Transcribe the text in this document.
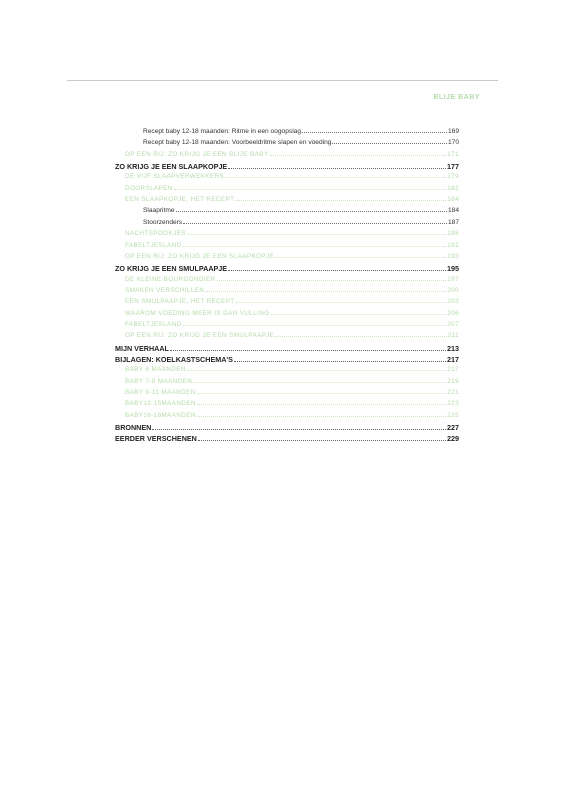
BLIJE BABY
Recept baby 12-18 maanden: Ritme in een oogopslag	169
Recept baby 12-18 maanden: Voorbeeldritme slapen en voeding	170
OP EEN RIJ: ZO KRIJG JE EEN BLIJE BABY	171
ZO KRIJG JE EEN SLAAPKOPJE	177
DE VIJF SLAAPVERWEKKERS	179
DOORSLAPEN	182
EEN SLAAPKOPJE, HET RECEPT	184
Slaapritme	184
Stoorzenders	187
NACHTSPOOKJES	188
FABELTJESLAND	191
OP EEN RIJ: ZO KRIJG JE EEN SLAAPKOPJE	193
ZO KRIJG JE EEN SMULPAAPJE	195
DE KLEINE BOURGONDIER	197
SMAKEN VERSCHILLEN	200
EEN SMULPAAPJE, HET RECEPT	203
WAAROM VOEDING MEER IS DAN VULLING	206
FABELTJESLAND	207
OP EEN RIJ: ZO KRIJG JE EEN SMULPAAPJE	211
MIJN VERHAAL	213
BIJLAGEN: KOELKASTSCHEMA'S	217
BABY 6 MAANDEN	217
BABY 7-8 MAANDEN	219
BABY 9-11 MAANDEN	221
BABY12-15MAANDEN	223
BABY16-18MAANDEN	225
BRONNEN	227
EERDER VERSCHENEN	229
